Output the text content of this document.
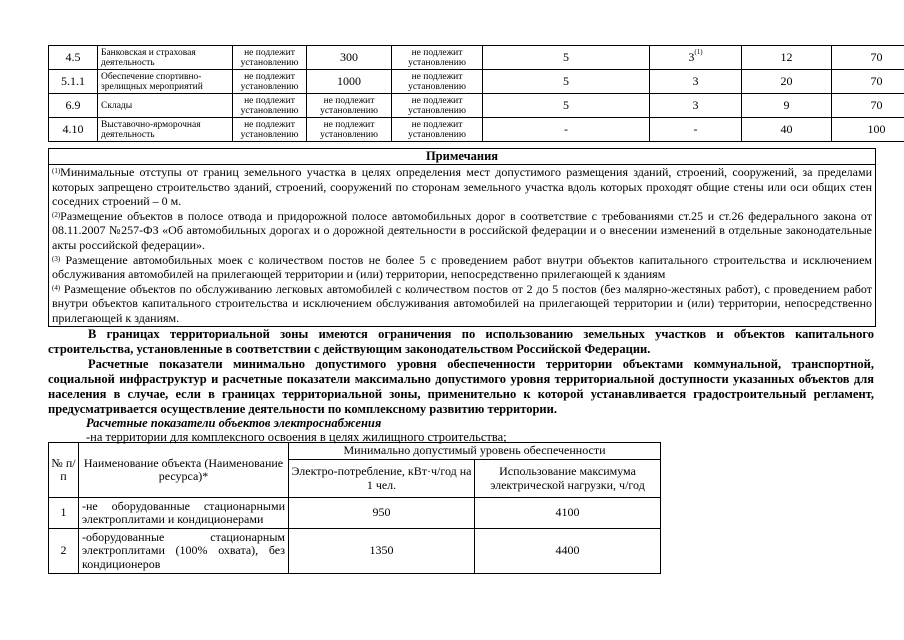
4.5	Банковская и страховая деятельность	не подлежит установлению	300	не подлежит установлению	5	3$^{(1)}$	12	70
5.1.1	Обеспечение спортивно-зрелищных мероприятий	не подлежит установлению	1000	не подлежит установлению	5	3	20	70
6.9	Склады	не подлежит установлению	не подлежит установлению	не подлежит установлению	5	3	9	70
4.10	Выставочно-ярморочная деятельность	не подлежит установлению	не подлежит установлению	не подлежит установлению	-	-	40	100
Примечания
$^{(1)}$Минимальные отступы от границ земельного участка в целях определения мест допустимого размещения зданий, строений, сооружений, за пределами которых запрещено строительство зданий, строений, сооружений по сторонам земельного участка вдоль которых проходят общие стены или оси общих стен соседних строений – 0 м.
$^{(2)}$Размещение объектов в полосе отвода и придорожной полосе автомобильных дорог в соответствие с требованиями ст.25 и ст.26 федерального закона от 08.11.2007 №257-ФЗ «Об автомобильных дорогах и о дорожной деятельности в российской федерации и о внесении изменений в отдельные законодательные акты российской федерации».
$^{(3)}$ Размещение автомобильных моек с количеством постов не более 5 с проведением работ внутри объектов капитального строительства и исключением обслуживания автомобилей на прилегающей территории и (или) территории, непосредственно прилегающей к зданиям
$^{(4)}$ Размещение объектов по обслуживанию легковых автомобилей с количеством постов от 2 до 5 постов (без малярно-жестяных работ), с проведением работ внутри объектов капитального строительства и исключением обслуживания автомобилей на прилегающей территории и (или) территории, непосредственно прилегающей к зданиям.
В границах территориальной зоны имеются ограничения по использованию земельных участков и объектов капитального строительства, установленные в соответствии с действующим законодательством Российской Федерации.
Расчетные показатели минимально допустимого уровня обеспеченности территории объектами коммунальной, транспортной, социальной инфраструктур и расчетные показатели максимально допустимого уровня территориальной доступности указанных объектов для населения в случае, если в границах территориальной зоны, применительно к которой устанавливается градостроительный регламент, предусматривается осуществление деятельности по комплексному развитию территории.
Расчетные показатели объектов электроснабжения
-на территории для комплексного освоения в целях жилищного строительства;
№ п/п	Наименование объекта (Наименование ресурса)*	Минимально допустимый уровень обеспеченности	
		Электро-потребление, кВт·ч/год на 1 чел.	Использование максимума электрической нагрузки, ч/год
1	-не оборудованные стационарными электроплитами и кондиционерами	950	4100
2	-оборудованные стационарным электроплитами (100% охвата), без кондиционеров	1350	4400
